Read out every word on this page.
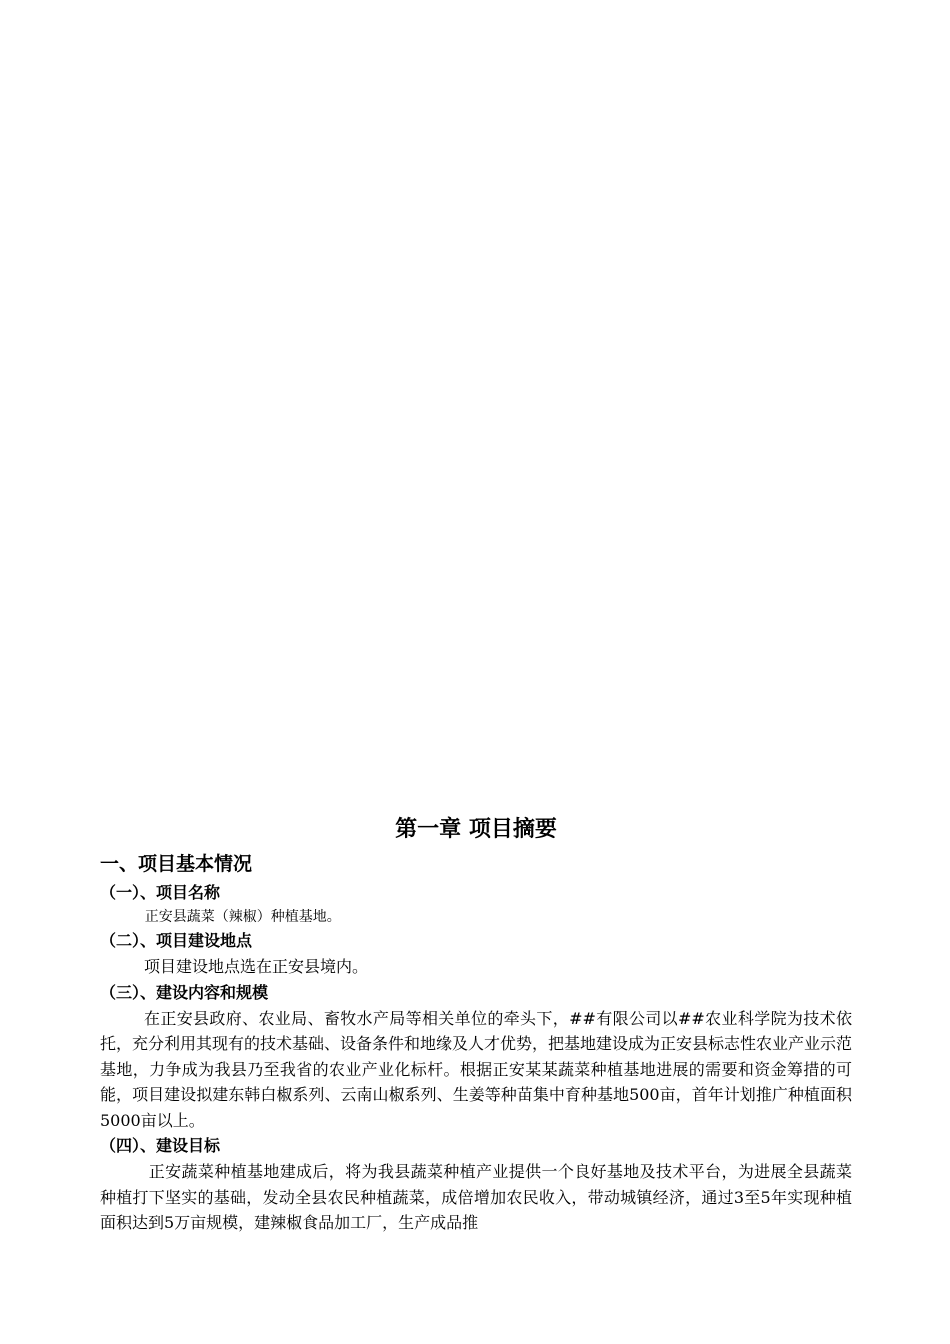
第一章 项目摘要
一、项目基本情况
（一）、项目名称

正安县蔬菜（辣椒）种植基地。

（二）、项目建设地点

项目建设地点选在正安县境内。

（三）、建设内容和规模

在正安县政府、农业局、畜牧水产局等相关单位的牵头下，##有限公司以##农业科学院为技术依托，充分利用其现有的技术基础、设备条件和地缘及人才优势，把基地建设成为正安县标志性农业产业示范基地，力争成为我县乃至我省的农业产业化标杆。根据正安某某蔬菜种植基地进展的需要和资金筹措的可能，项目建设拟建东韩白椒系列、云南山椒系列、生姜等种苗集中育种基地500亩，首年计划推广种植面积5000亩以上。

（四）、建设目标

正安蔬菜种植基地建成后，将为我县蔬菜种植产业提供一个良好基地及技术平台，为进展全县蔬菜种植打下坚实的基础，发动全县农民种植蔬菜，成倍增加农民收入，带动城镇经济，通过3至5年实现种植面积达到5万亩规模，建辣椒食品加工厂，生产成品推
